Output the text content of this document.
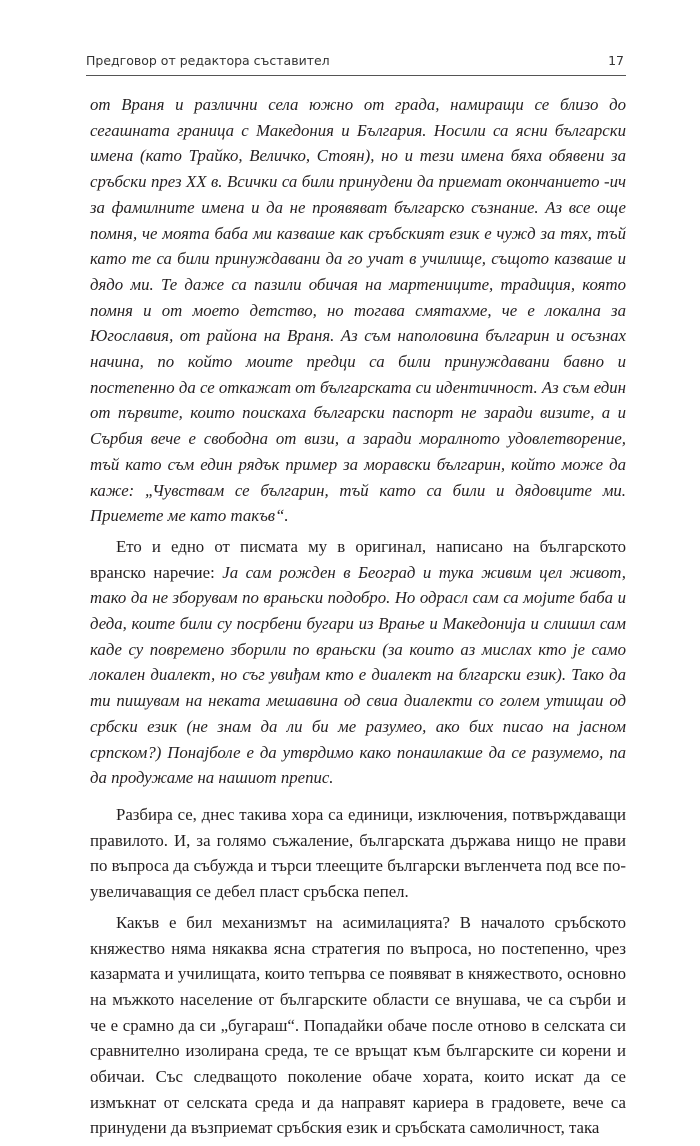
Предговор от редактора съставител	17

от Враня и различни села южно от града, намиращи се близо до сегашната граница с Македония и България. Носили са ясни български имена (като Трайко, Величко, Стоян), но и тези имена бяха обявени за сръбски през XX в. Всички са били принудени да приемат окончанието -ич за фамилните имена и да не проявяват българско съзнание. Аз все още помня, че моята баба ми казваше как сръбският език е чужд за тях, тъй като те са били принуждавани да го учат в училище, същото казваше и дядо ми. Те даже са пазили обичая на мартениците, традиция, която помня и от моето детство, но тогава смятахме, че е локална за Югославия, от района на Враня. Аз съм наполовина българин и осъзнах начина, по който моите предци са били принуждавани бавно и постепенно да се откажат от българската си идентичност. Аз съм един от първите, които поискаха български паспорт не заради визите, а и Сърбия вече е свободна от визи, а заради моралното удовлетворение, тъй като съм един рядък пример за моравски българин, който може да каже: „Чувствам се българин, тъй като са били и дядовците ми. Приемете ме като такъв“.

Ето и едно от писмата му в оригинал, написано на българското вранско наречие: Ја сам рожден в Београд и тука живим цел живот, тако да не зборувам по врањски подобро. Но одрасл сам са мојите баба и деда, коите били су посрбени бугари из Врање и Македонија и слишил сам каде су повремено зборили по врањски (за които аз мислах кто је само локален диалект, но съг увиђам кто е диалект на блгарски език). Тако да ти пишувам на неката мешавина од свиа диалекти со голем утищаи од србски език (не знам да ли би ме разумео, ако бих писао на јасном српском?) Понајболе е да утврдимо како понаилакше да се разумемо, па да продужаме на нашиот препис.

Разбира се, днес такива хора са единици, изключения, потвърждаващи правилото. И, за голямо съжаление, българската държава нищо не прави по въпроса да събужда и търси тлеещите български въгленчета под все по-увеличаващия се дебел пласт сръбска пепел.

Какъв е бил механизмът на асимилацията? В началото сръбското княжество няма някаква ясна стратегия по въпроса, но постепенно, чрез казармата и училищата, които тепърва се появяват в княжеството, основно на мъжкото население от българските области се внушава, че са сърби и че е срамно да си „бугараш“. Попадайки обаче после отново в селската си сравнително изолирана среда, те се връщат към българските си корени и обичаи. Със следващото поколение обаче хората, които искат да се измъкнат от селската среда и да направят кариера в градовете, вече са принудени да възприемат сръбския език и сръбската самоличност, така
